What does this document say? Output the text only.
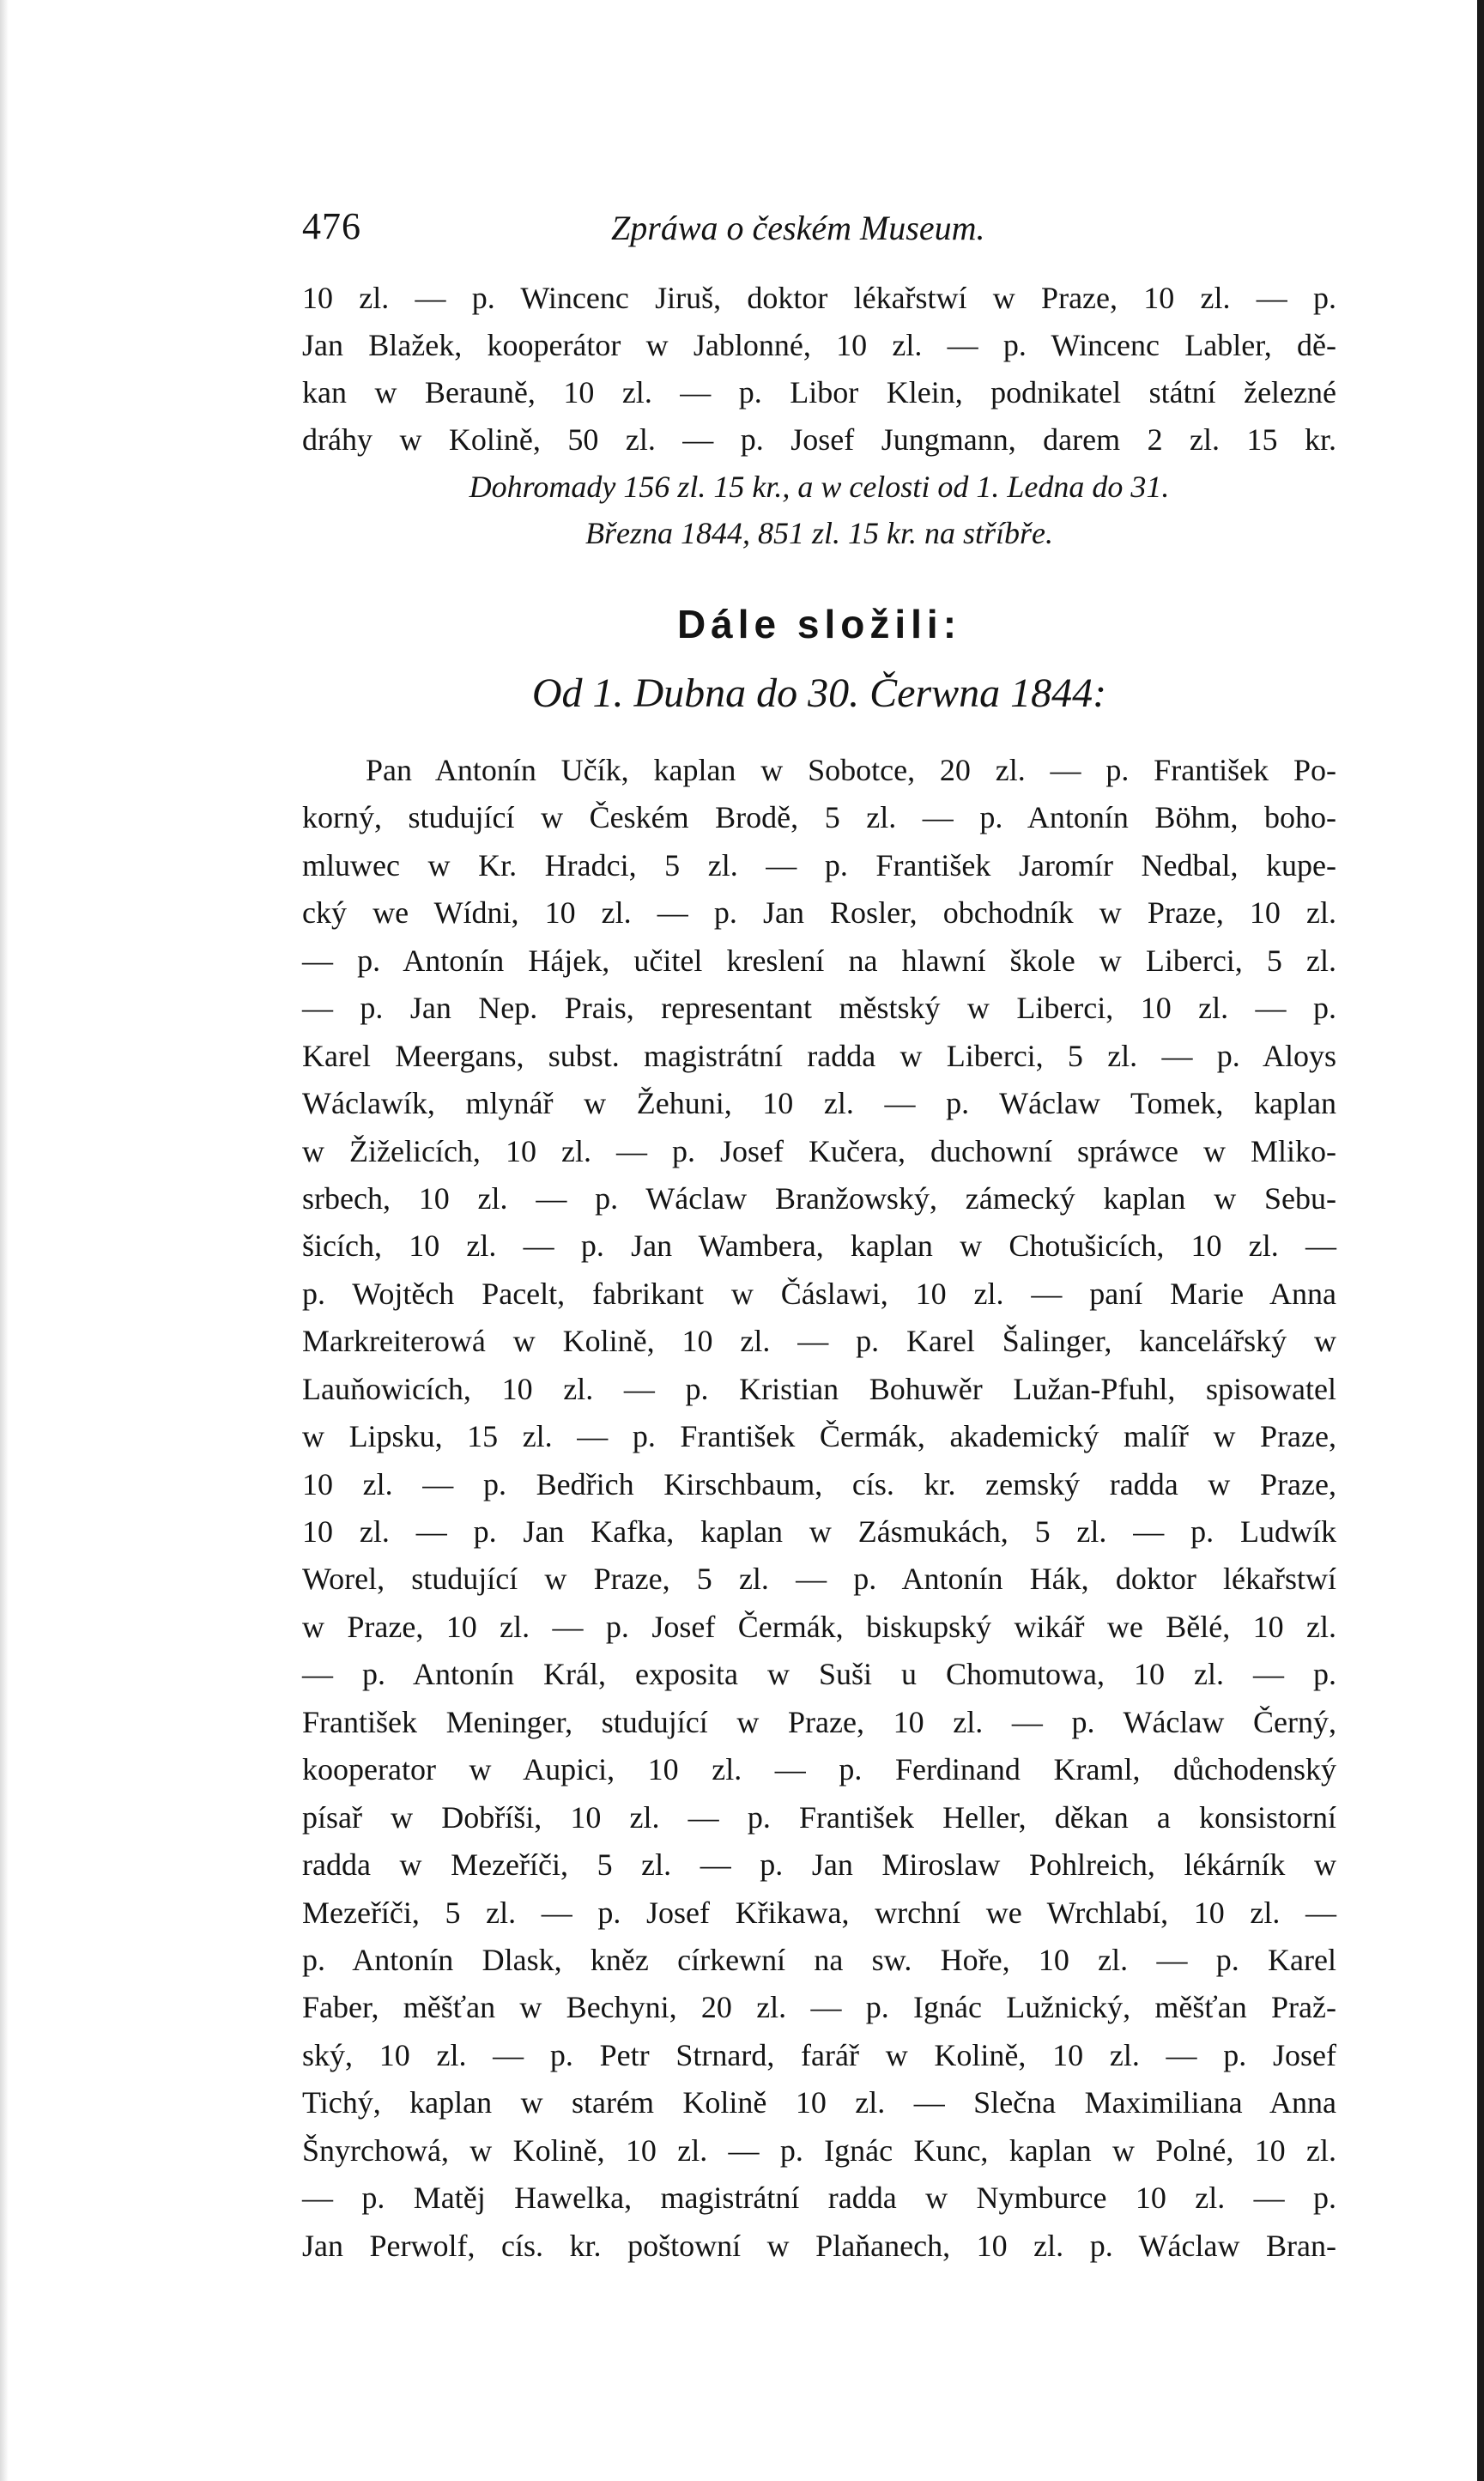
476	Zpráwa o českém Museum.
10 zl. — p. Wincenc Jiruš, doktor lékařstwí w Praze, 10 zl. — p.
Jan Blažek, kooperátor w Jablonné, 10 zl. — p. Wincenc Labler, dě-
kan w Berauně, 10 zl. — p. Libor Klein, podnikatel státní železné
dráhy w Kolině, 50 zl. — p. Josef Jungmann, darem 2 zl. 15 kr.
Dohromady 156 zl. 15 kr., a w celosti od 1. Ledna do 31.
Března 1844, 851 zl. 15 kr. na stříbře.
Dále složili:
Od 1. Dubna do 30. Čerwna 1844:
Pan Antonín Učík, kaplan w Sobotce, 20 zl. — p. František Po-
korný, studující w Českém Brodě, 5 zl. — p. Antonín Böhm, boho-
mluwec w Kr. Hradci, 5 zl. — p. František Jaromír Nedbal, kupe-
cký we Wídni, 10 zl. — p. Jan Rosler, obchodník w Praze, 10 zl.
— p. Antonín Hájek, učitel kreslení na hlawní škole w Liberci, 5 zl.
— p. Jan Nep. Prais, representant městský w Liberci, 10 zl. — p.
Karel Meergans, subst. magistrátní radda w Liberci, 5 zl. — p. Aloys
Wáclawík, mlynář w Žehuni, 10 zl. — p. Wáclaw Tomek, kaplan
w Žiželicích, 10 zl. — p. Josef Kučera, duchowní spráwce w Mliko-
srbech, 10 zl. — p. Wáclaw Branžowský, zámecký kaplan w Sebu-
šicích, 10 zl. — p. Jan Wambera, kaplan w Chotušicích, 10 zl. —
p. Wojtěch Pacelt, fabrikant w Čáslawi, 10 zl. — paní Marie Anna
Markreiterowá w Kolině, 10 zl. — p. Karel Šalinger, kancelářský w
Lauňowicích, 10 zl. — p. Kristian Bohuwěr Lužan-Pfuhl, spisowatel
w Lipsku, 15 zl. — p. František Čermák, akademický malíř w Praze,
10 zl. — p. Bedřich Kirschbaum, cís. kr. zemský radda w Praze,
10 zl. — p. Jan Kafka, kaplan w Zásmukách, 5 zl. — p. Ludwík
Worel, studující w Praze, 5 zl. — p. Antonín Hák, doktor lékařstwí
w Praze, 10 zl. — p. Josef Čermák, biskupský wikář we Bělé, 10 zl.
— p. Antonín Král, exposita w Suši u Chomutowa, 10 zl. — p.
František Meninger, studující w Praze, 10 zl. — p. Wáclaw Černý,
kooperator w Aupici, 10 zl. — p. Ferdinand Kraml, důchodenský
písař w Dobříši, 10 zl. — p. František Heller, děkan a konsistorní
radda w Mezeříči, 5 zl. — p. Jan Miroslaw Pohlreich, lékárník w
Mezeříči, 5 zl. — p. Josef Křikawa, wrchní we Wrchlabí, 10 zl. —
p. Antonín Dlask, kněz církewní na sw. Hoře, 10 zl. — p. Karel
Faber, měšťan w Bechyni, 20 zl. — p. Ignác Lužnický, měšťan Praž-
ský, 10 zl. — p. Petr Strnard, farář w Kolině, 10 zl. — p. Josef
Tichý, kaplan w starém Kolině 10 zl. — Slečna Maximiliana Anna
Šnyrchowá, w Kolině, 10 zl. — p. Ignác Kunc, kaplan w Polné, 10 zl.
— p. Matěj Hawelka, magistrátní radda w Nymburce 10 zl. — p.
Jan Perwolf, cís. kr. poštowní w Plaňanech, 10 zl. p. Wáclaw Bran-
